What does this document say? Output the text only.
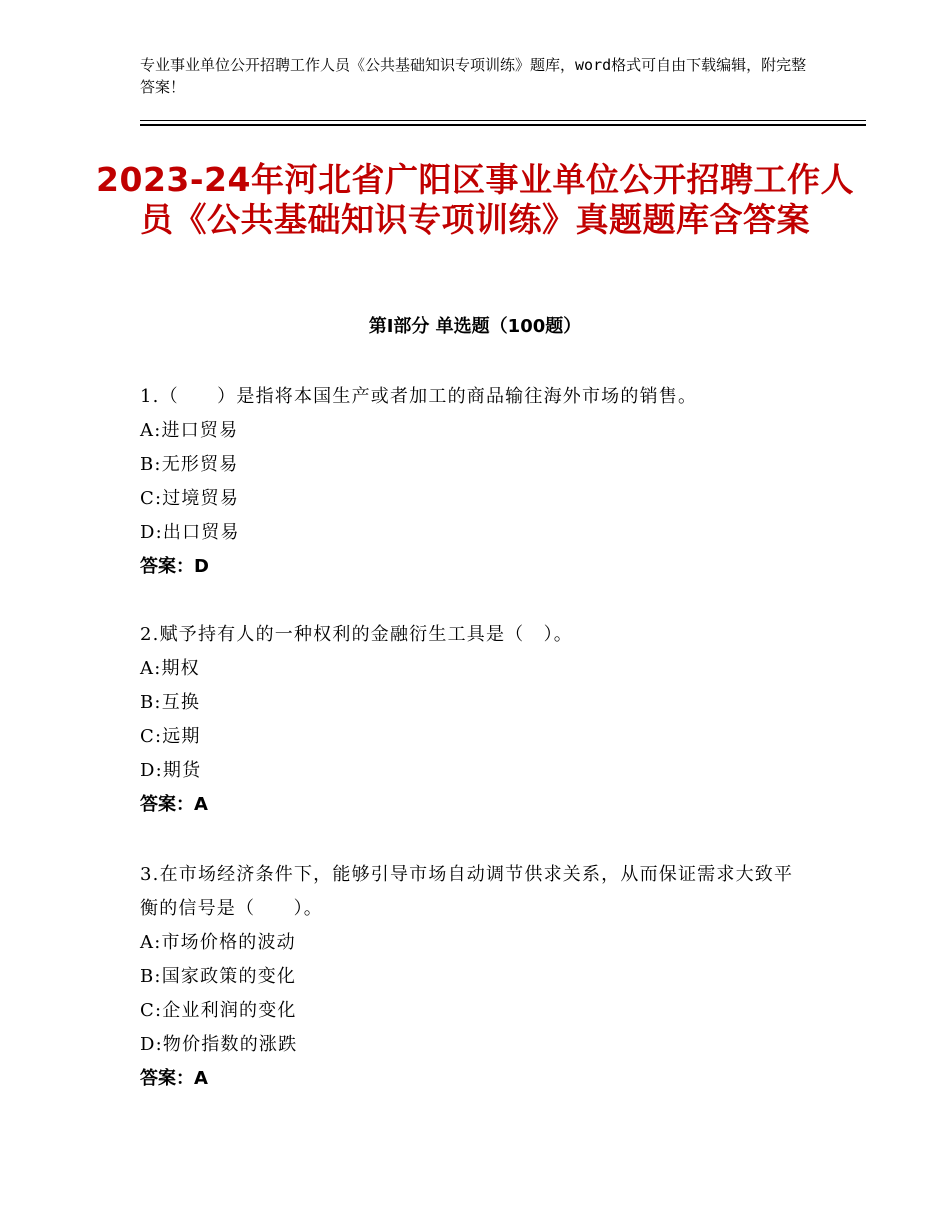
专业事业单位公开招聘工作人员《公共基础知识专项训练》题库，word格式可自由下载编辑，附完整答案！
2023-24年河北省广阳区事业单位公开招聘工作人员《公共基础知识专项训练》真题题库含答案
第Ⅰ部分 单选题（100题）
1.（　　）是指将本国生产或者加工的商品输往海外市场的销售。
A:进口贸易
B:无形贸易
C:过境贸易
D:出口贸易
答案：D
2.赋予持有人的一种权利的金融衍生工具是（　）。
A:期权
B:互换
C:远期
D:期货
答案：A
3.在市场经济条件下，能够引导市场自动调节供求关系，从而保证需求大致平衡的信号是（　　）。
A:市场价格的波动
B:国家政策的变化
C:企业利润的变化
D:物价指数的涨跌
答案：A
